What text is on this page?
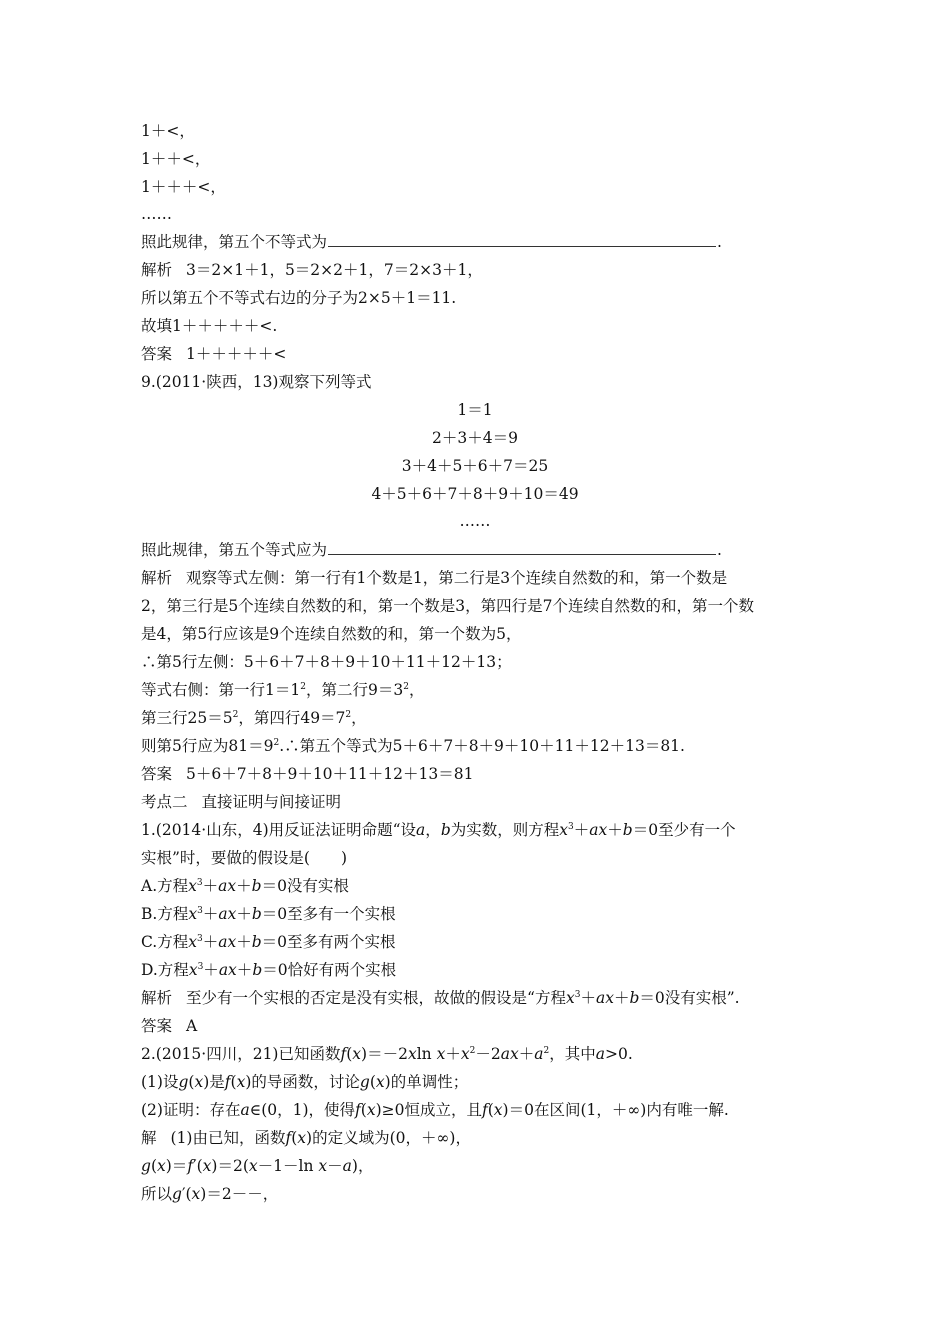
1＋<，
1＋＋<，
1＋＋＋<，
……
照此规律，第五个不等式为	.
解析 3＝2×1＋1，5＝2×2＋1，7＝2×3＋1，
所以第五个不等式右边的分子为2×5＋1＝11.
故填1＋＋＋＋＋<.
答案 1＋＋＋＋＋<
9.(2011·陕西，13)观察下列等式
1＝1
2＋3＋4＝9
3＋4＋5＋6＋7＝25
4＋5＋6＋7＋8＋9＋10＝49
……
照此规律，第五个等式应为	.
解析 观察等式左侧：第一行有1个数是1，第二行是3个连续自然数的和，第一个数是
2，第三行是5个连续自然数的和，第一个数是3，第四行是7个连续自然数的和，第一个数
是4，第5行应该是9个连续自然数的和，第一个数为5，
∴第5行左侧：5＋6＋7＋8＋9＋10＋11＋12＋13；
等式右侧：第一行$1=1^2$，第二行$9=3^2$，
第三行$25=5^2$，第四行$49=7^2$，
则第5行应为$81=9^2.\therefore$第五个等式为5＋6＋7＋8＋9＋10＋11＋12＋13＝81.
答案 5＋6＋7＋8＋9＋10＋11＋12＋13＝81
考点二 直接证明与间接证明
1.(2014·山东，4)用反证法证明命题“设a，b为实数，则方程$x^3+ax+b=0$至少有一个
实根”时，要做的假设是(　　)
A.方程$x^3+ax+b=0$没有实根
B.方程$x^3+ax+b=0$至多有一个实根
C.方程$x^3+ax+b=0$至多有两个实根
D.方程$x^3+ax+b=0$恰好有两个实根
解析 至少有一个实根的否定是没有实根，故做的假设是“方程$x^3+ax+b=0$没有实根”.
答案 A
2.(2015·四川，21)已知函数f(x)＝－2xln $x+x^2-2ax+a^2$，其中a>0.
(1)设g(x)是f(x)的导函数，讨论g(x)的单调性；
(2)证明：存在a∈(0，1)，使得f(x)≥0恒成立，且f(x)＝0在区间(1，＋∞)内有唯一解.
解 (1)由已知，函数f(x)的定义域为(0，＋∞)，
g(x)＝f′(x)＝2(x－1－ln x－a)，
所以g′(x)＝2－－，
